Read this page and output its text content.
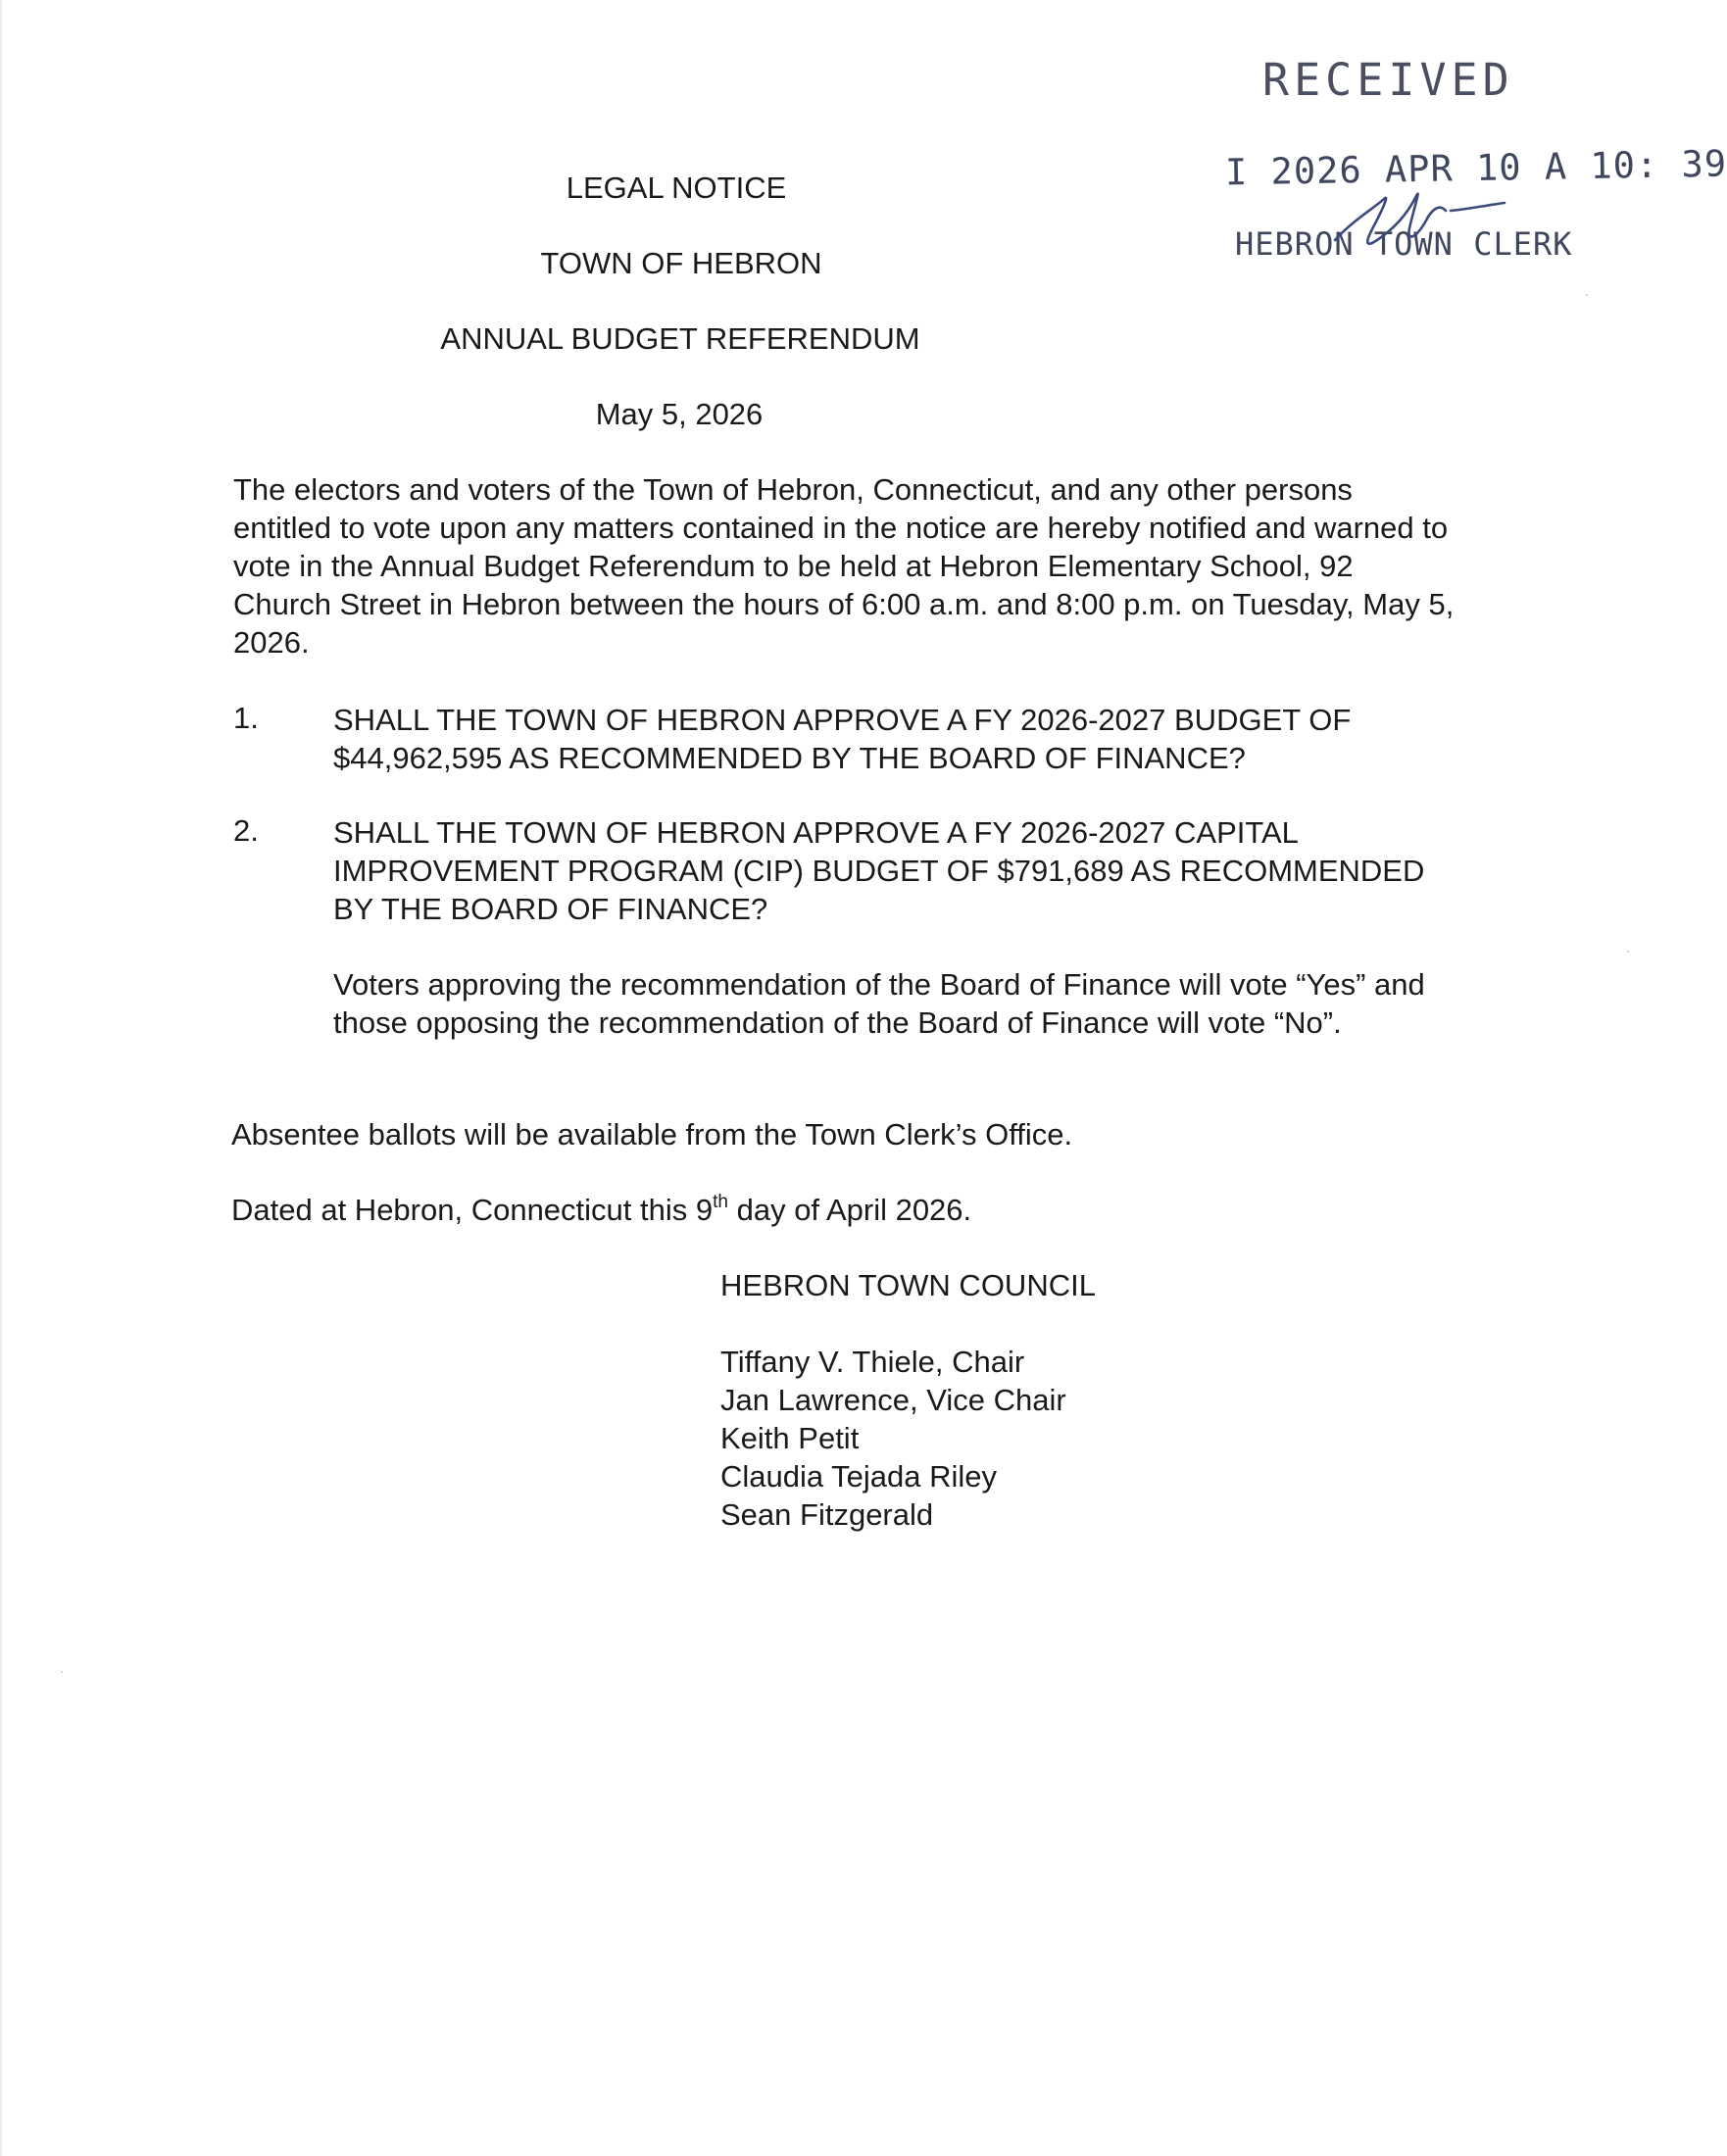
RECEIVED
I 2026 APR 10 A 10: 39
HEBRON TOWN CLERK
LEGAL NOTICE
TOWN OF HEBRON
ANNUAL BUDGET REFERENDUM
May 5, 2026
The electors and voters of the Town of Hebron, Connecticut, and any other persons entitled to vote upon any matters contained in the notice are hereby notified and warned to vote in the Annual Budget Referendum to be held at Hebron Elementary School, 92 Church Street in Hebron between the hours of 6:00 a.m. and 8:00 p.m. on Tuesday, May 5, 2026.
1. SHALL THE TOWN OF HEBRON APPROVE A FY 2026-2027 BUDGET OF $44,962,595 AS RECOMMENDED BY THE BOARD OF FINANCE?
2. SHALL THE TOWN OF HEBRON APPROVE A FY 2026-2027 CAPITAL IMPROVEMENT PROGRAM (CIP) BUDGET OF $791,689 AS RECOMMENDED BY THE BOARD OF FINANCE?
Voters approving the recommendation of the Board of Finance will vote “Yes” and those opposing the recommendation of the Board of Finance will vote “No”.
Absentee ballots will be available from the Town Clerk’s Office.
Dated at Hebron, Connecticut this 9th day of April 2026.
HEBRON TOWN COUNCIL
Tiffany V. Thiele, Chair
Jan Lawrence, Vice Chair
Keith Petit
Claudia Tejada Riley
Sean Fitzgerald
